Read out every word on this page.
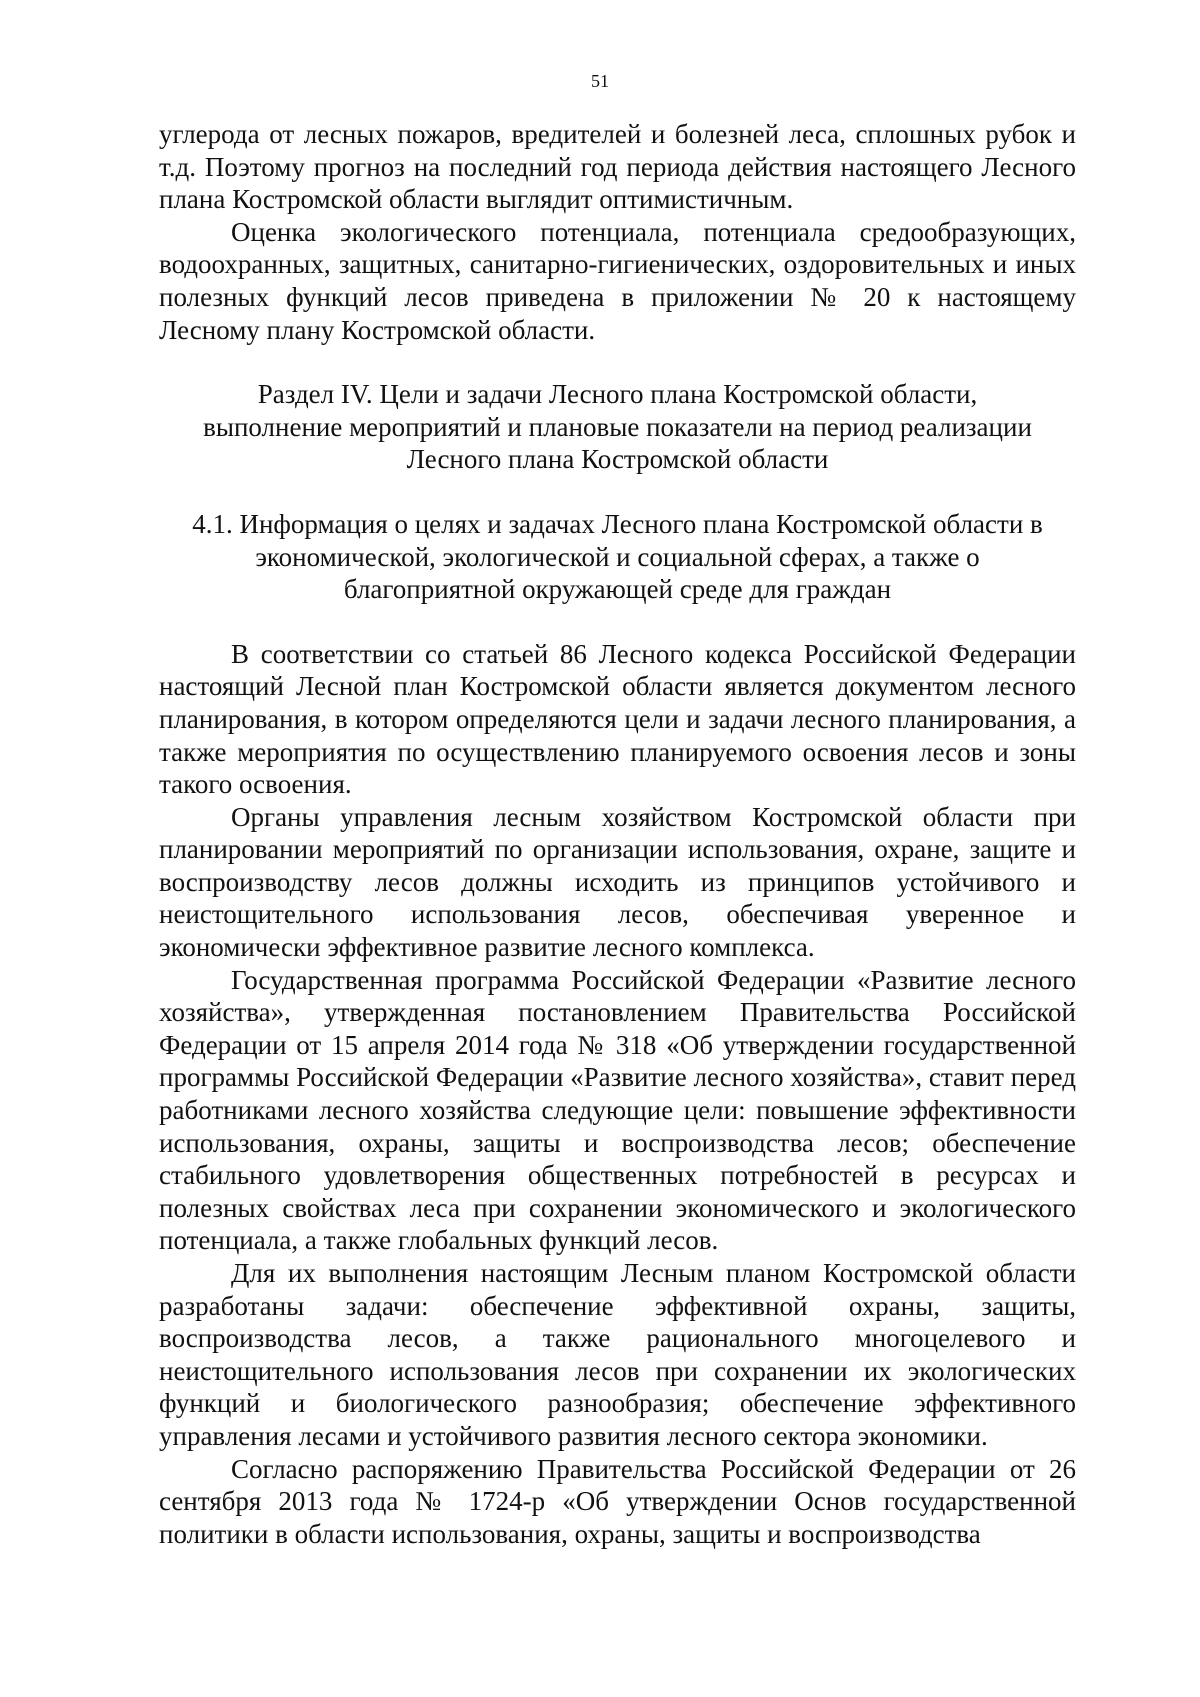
51

углерода от лесных пожаров, вредителей и болезней леса, сплошных рубок и т.д. Поэтому прогноз на последний год периода действия настоящего Лесного плана Костромской области выглядит оптимистичным.

Оценка экологического потенциала, потенциала средообразующих, водоохранных, защитных, санитарно-гигиенических, оздоровительных и иных полезных функций лесов приведена в приложении № 20 к настоящему Лесному плану Костромской области.

Раздел IV. Цели и задачи Лесного плана Костромской области,
выполнение мероприятий и плановые показатели на период реализации
Лесного плана Костромской области
4.1. Информация о целях и задачах Лесного плана Костромской области в
экономической, экологической и социальной сферах, а также о
благоприятной окружающей среде для граждан

В соответствии со статьей 86 Лесного кодекса Российской Федерации настоящий Лесной план Костромской области является документом лесного планирования, в котором определяются цели и задачи лесного планирования, а также мероприятия по осуществлению планируемого освоения лесов и зоны такого освоения.

Органы управления лесным хозяйством Костромской области при планировании мероприятий по организации использования, охране, защите и воспроизводству лесов должны исходить из принципов устойчивого и неистощительного использования лесов, обеспечивая уверенное и экономически эффективное развитие лесного комплекса.

Государственная программа Российской Федерации «Развитие лесного хозяйства», утвержденная постановлением Правительства Российской Федерации от 15 апреля 2014 года № 318 «Об утверждении государственной программы Российской Федерации «Развитие лесного хозяйства», ставит перед работниками лесного хозяйства следующие цели: повышение эффективности использования, охраны, защиты и воспроизводства лесов; обеспечение стабильного удовлетворения общественных потребностей в ресурсах и полезных свойствах леса при сохранении экономического и экологического потенциала, а также глобальных функций лесов.

Для их выполнения настоящим Лесным планом Костромской области разработаны задачи: обеспечение эффективной охраны, защиты, воспроизводства лесов, а также рационального многоцелевого и неистощительного использования лесов при сохранении их экологических функций и биологического разнообразия; обеспечение эффективного управления лесами и устойчивого развития лесного сектора экономики.

Согласно распоряжению Правительства Российской Федерации от 26 сентября 2013 года № 1724-р «Об утверждении Основ государственной политики в области использования, охраны, защиты и воспроизводства
